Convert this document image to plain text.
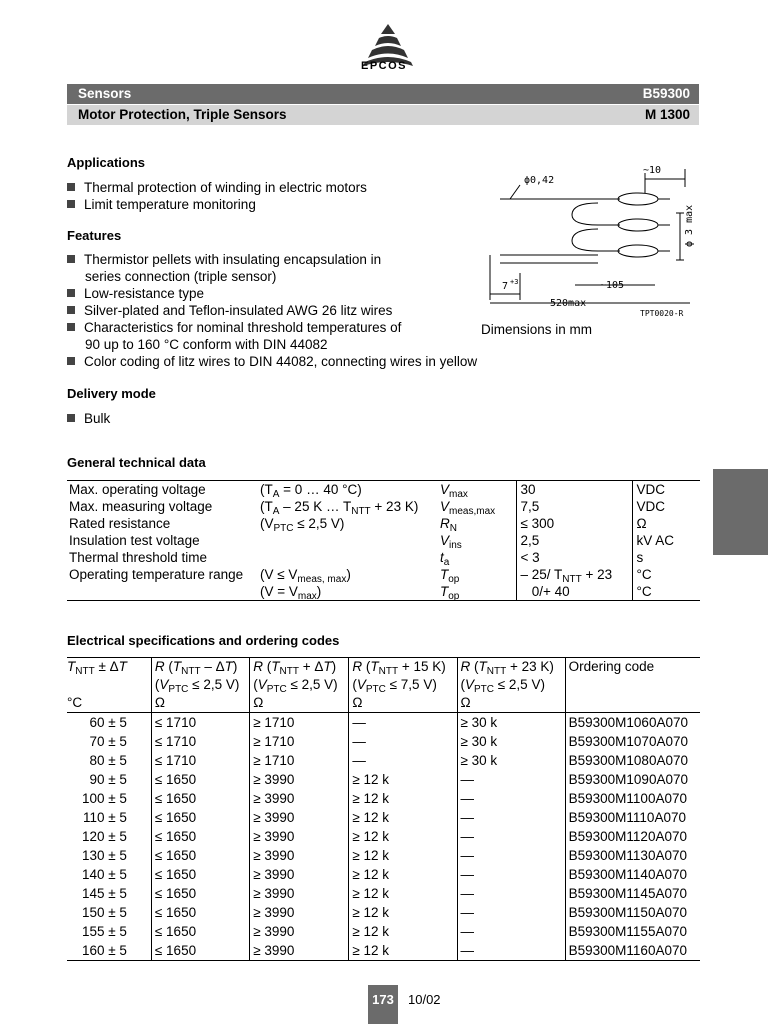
EPCOS
Sensors	B59300
Motor Protection, Triple Sensors	M 1300
Applications
Thermal protection of winding in electric motors
Limit temperature monitoring
Features
Thermistor pellets with insulating encapsulation in
series connection (triple sensor)
Low-resistance type
Silver-plated and Teflon-insulated AWG 26 litz wires
Characteristics for nominal threshold temperatures of
90 up to 160 °C conform with DIN 44082
Color coding of litz wires to DIN 44082, connecting wires in yellow
Delivery mode
Bulk
ϕ0,42
~10
ϕ 3 max
7 +3	~105
520max
Dimensions in mm
TPT0020-R
General technical data
Max. operating voltage	($T_A = 0$ … 40 °C)	$V_{max}$	30	VDC
Max. measuring voltage	($T_A - 25$ K … $T_{NTT} + 23$ K)	$V_{meas,max}$	7,5	VDC
Rated resistance	($V_{PTC} \le 2,5$ V)	$R_N$	≤ 300	Ω
Insulation test voltage		$V_{ins}$	2,5	kV AC
Thermal threshold time		$t_a$	< 3	s
Operating temperature range	$(V \le V_{meas, max})$	$T_{op}$	– 25/ $T_{NTT} + 23$	°C
	$(V = V_{max})$	$T_{op}$	0/+ 40	°C
Electrical specifications and ordering codes
$T_{NTT} \pm \Delta T$	R $(T_{NTT} - \Delta T)$	R $(T_{NTT} + \Delta T)$	R ($T_{NTT} + 15$ K)	R ($T_{NTT} + 23$ K)	Ordering code
	($V_{PTC} \le 2,5$ V)	($V_{PTC} \le 2,5$ V)	($V_{PTC} \le 7,5$ V)	($V_{PTC} \le 2,5$ V)	
°C	Ω	Ω	Ω	Ω	
60 ± 5	≤ 1710	≥ 1710	—	≥ 30 k	B59300M1060A070
70 ± 5	≤ 1710	≥ 1710	—	≥ 30 k	B59300M1070A070
80 ± 5	≤ 1710	≥ 1710	—	≥ 30 k	B59300M1080A070
90 ± 5	≤ 1650	≥ 3990	≥ 12 k	—	B59300M1090A070
100 ± 5	≤ 1650	≥ 3990	≥ 12 k	—	B59300M1100A070
110 ± 5	≤ 1650	≥ 3990	≥ 12 k	—	B59300M1110A070
120 ± 5	≤ 1650	≥ 3990	≥ 12 k	—	B59300M1120A070
130 ± 5	≤ 1650	≥ 3990	≥ 12 k	—	B59300M1130A070
140 ± 5	≤ 1650	≥ 3990	≥ 12 k	—	B59300M1140A070
145 ± 5	≤ 1650	≥ 3990	≥ 12 k	—	B59300M1145A070
150 ± 5	≤ 1650	≥ 3990	≥ 12 k	—	B59300M1150A070
155 ± 5	≤ 1650	≥ 3990	≥ 12 k	—	B59300M1155A070
160 ± 5	≤ 1650	≥ 3990	≥ 12 k	—	B59300M1160A070
173	10/02
